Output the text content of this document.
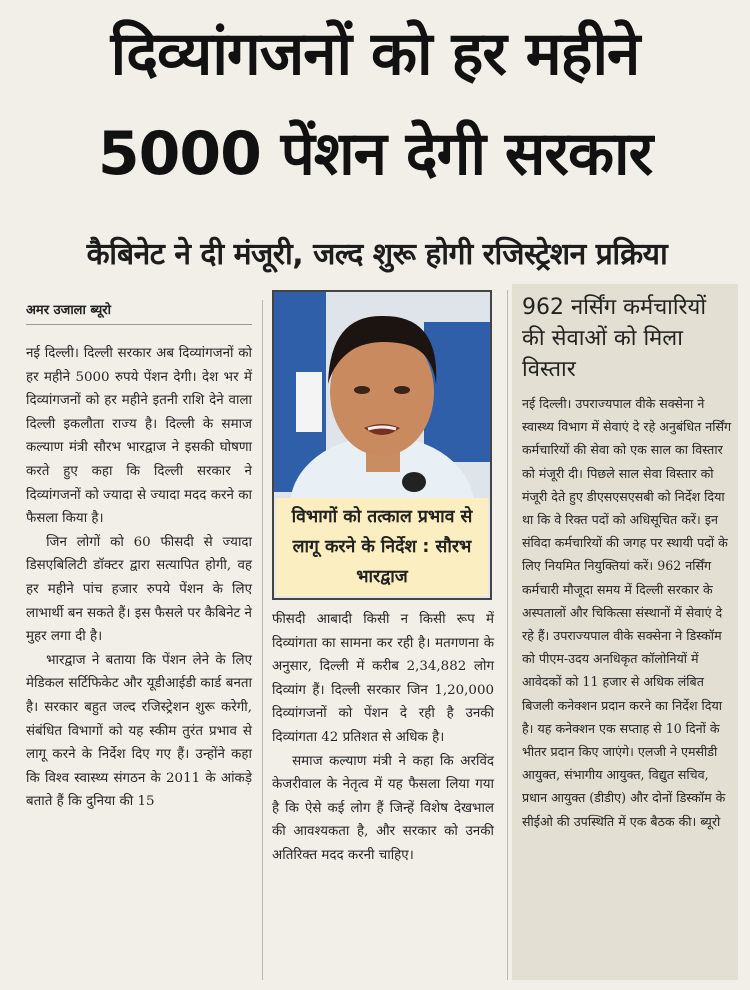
दिव्यांगजनों को हर महीने
5000 पेंशन देगी सरकार
कैबिनेट ने दी मंजूरी, जल्द शुरू होगी रजिस्ट्रेशन प्रक्रिया
अमर उजाला ब्यूरो

नई दिल्ली। दिल्ली सरकार अब दिव्यांगजनों को हर महीने 5000 रुपये पेंशन देगी। देश भर में दिव्यांगजनों को हर महीने इतनी राशि देने वाला दिल्ली इकलौता राज्य है। दिल्ली के समाज कल्याण मंत्री सौरभ भारद्वाज ने इसकी घोषणा करते हुए कहा कि दिल्ली सरकार ने दिव्यांगजनों को ज्यादा से ज्यादा मदद करने का फैसला किया है।

जिन लोगों को 60 फीसदी से ज्यादा डिसएबिलिटी डॉक्टर द्वारा सत्यापित होगी, वह हर महीने पांच हजार रुपये पेंशन के लिए लाभार्थी बन सकते हैं। इस फैसले पर कैबिनेट ने मुहर लगा दी है।

भारद्वाज ने बताया कि पेंशन लेने के लिए मेडिकल सर्टिफिकेट और यूडीआईडी कार्ड बनता है। सरकार बहुत जल्द रजिस्ट्रेशन शुरू करेगी, संबंधित विभागों को यह स्कीम तुरंत प्रभाव से लागू करने के निर्देश दिए गए हैं। उन्होंने कहा कि विश्व स्वास्थ्य संगठन के 2011 के आंकड़े बताते हैं कि दुनिया की 15

विभागों को तत्काल प्रभाव से लागू करने के निर्देश : सौरभ भारद्वाज

फीसदी आबादी किसी न किसी रूप में दिव्यांगता का सामना कर रही है। मतगणना के अनुसार, दिल्ली में करीब 2,34,882 लोग दिव्यांग हैं। दिल्ली सरकार जिन 1,20,000 दिव्यांगजनों को पेंशन दे रही है उनकी दिव्यांगता 42 प्रतिशत से अधिक है।

समाज कल्याण मंत्री ने कहा कि अरविंद केजरीवाल के नेतृत्व में यह फैसला लिया गया है कि ऐसे कई लोग हैं जिन्हें विशेष देखभाल की आवश्यकता है, और सरकार को उनकी अतिरिक्त मदद करनी चाहिए।

962 नर्सिंग कर्मचारियों की सेवाओं को मिला विस्तार

नई दिल्ली। उपराज्यपाल वीके सक्सेना ने स्वास्थ्य विभाग में सेवाएं दे रहे अनुबंधित नर्सिंग कर्मचारियों की सेवा को एक साल का विस्तार को मंजूरी दी। पिछले साल सेवा विस्तार को मंजूरी देते हुए डीएसएसएसबी को निर्देश दिया था कि वे रिक्त पदों को अधिसूचित करें। इन संविदा कर्मचारियों की जगह पर स्थायी पदों के लिए नियमित नियुक्तियां करें। 962 नर्सिंग कर्मचारी मौजूदा समय में दिल्ली सरकार के अस्पतालों और चिकित्सा संस्थानों में सेवाएं दे रहे हैं। उपराज्यपाल वीके सक्सेना ने डिस्कॉम को पीएम-उदय अनधिकृत कॉलोनियों में आवेदकों को 11 हजार से अधिक लंबित बिजली कनेक्शन प्रदान करने का निर्देश दिया है। यह कनेक्शन एक सप्ताह से 10 दिनों के भीतर प्रदान किए जाएंगे। एलजी ने एमसीडी आयुक्त, संभागीय आयुक्त, विद्युत सचिव, प्रधान आयुक्त (डीडीए) और दोनों डिस्कॉम के सीईओ की उपस्थिति में एक बैठक की। ब्यूरो
